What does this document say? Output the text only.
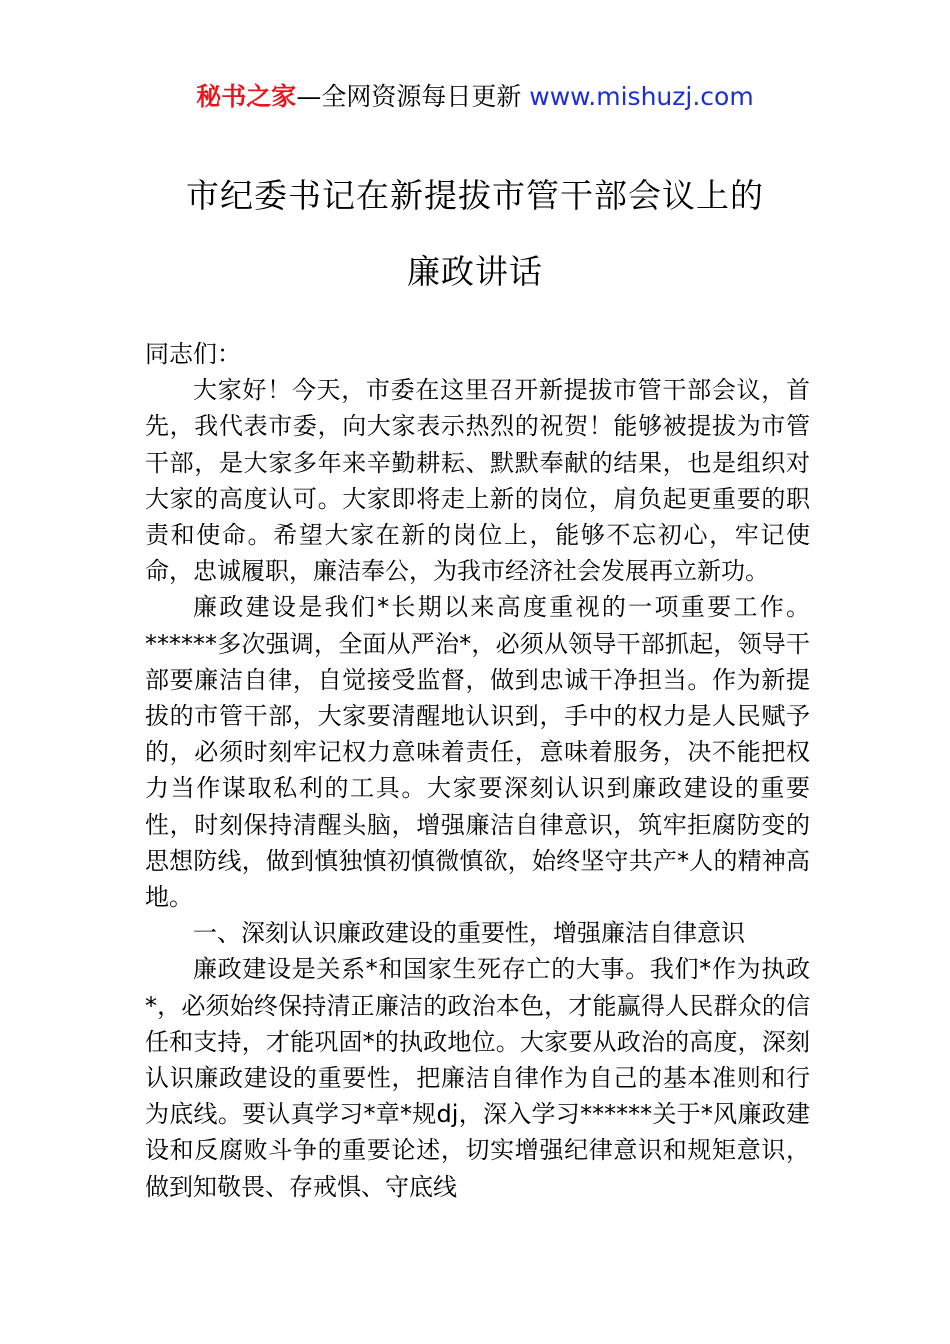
秘书之家—全网资源每日更新 www.mishuzj.com
市纪委书记在新提拔市管干部会议上的
廉政讲话

同志们：

大家好！今天，市委在这里召开新提拔市管干部会议，首先，我代表市委，向大家表示热烈的祝贺！能够被提拔为市管干部，是大家多年来辛勤耕耘、默默奉献的结果，也是组织对大家的高度认可。大家即将走上新的岗位，肩负起更重要的职责和使命。希望大家在新的岗位上，能够不忘初心，牢记使命，忠诚履职，廉洁奉公，为我市经济社会发展再立新功。

廉政建设是我们*长期以来高度重视的一项重要工作。******多次强调，全面从严治*，必须从领导干部抓起，领导干部要廉洁自律，自觉接受监督，做到忠诚干净担当。作为新提拔的市管干部，大家要清醒地认识到，手中的权力是人民赋予的，必须时刻牢记权力意味着责任，意味着服务，决不能把权力当作谋取私利的工具。大家要深刻认识到廉政建设的重要性，时刻保持清醒头脑，增强廉洁自律意识，筑牢拒腐防变的思想防线，做到慎独慎初慎微慎欲，始终坚守共产*人的精神高地。

一、深刻认识廉政建设的重要性，增强廉洁自律意识

廉政建设是关系*和国家生死存亡的大事。我们*作为执政*，必须始终保持清正廉洁的政治本色，才能赢得人民群众的信任和支持，才能巩固*的执政地位。大家要从政治的高度，深刻认识廉政建设的重要性，把廉洁自律作为自己的基本准则和行为底线。要认真学习*章*规dj，深入学习******关于*风廉政建设和反腐败斗争的重要论述，切实增强纪律意识和规矩意识，做到知敬畏、存戒惧、守底线
